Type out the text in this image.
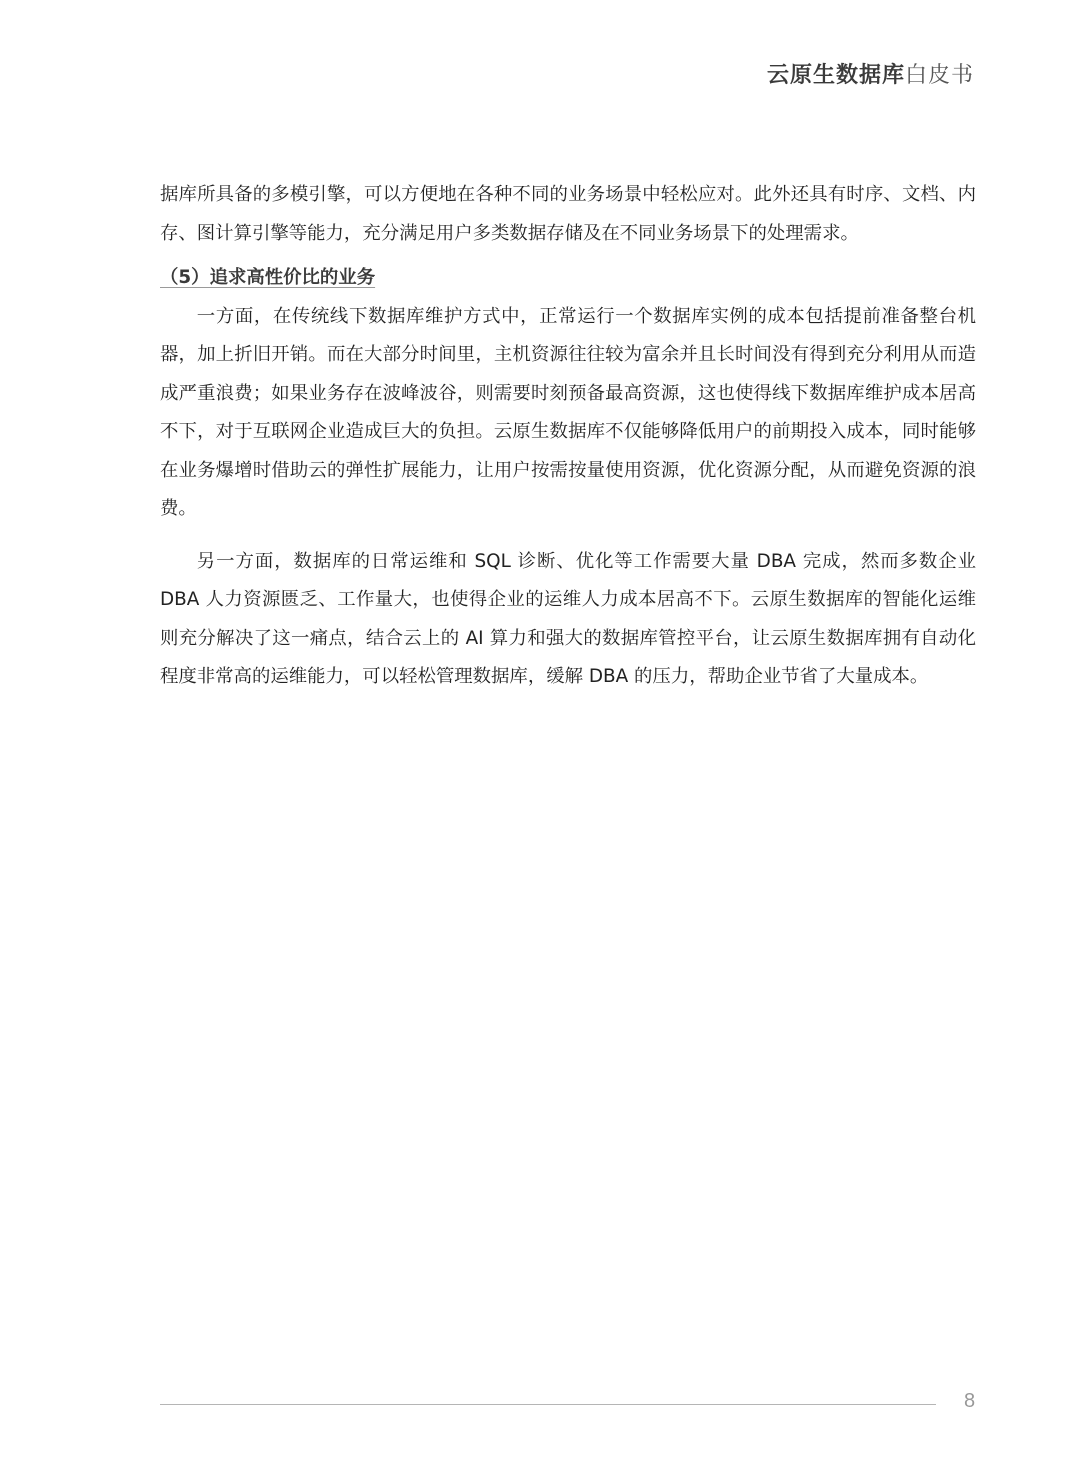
云原生数据库白皮书

据库所具备的多模引擎，可以方便地在各种不同的业务场景中轻松应对。此外还具有时序、文档、内存、图计算引擎等能力，充分满足用户多类数据存储及在不同业务场景下的处理需求。

（5）追求高性价比的业务

一方面，在传统线下数据库维护方式中，正常运行一个数据库实例的成本包括提前准备整台机器，加上折旧开销。而在大部分时间里，主机资源往往较为富余并且长时间没有得到充分利用从而造成严重浪费；如果业务存在波峰波谷，则需要时刻预备最高资源，这也使得线下数据库维护成本居高不下，对于互联网企业造成巨大的负担。云原生数据库不仅能够降低用户的前期投入成本，同时能够在业务爆增时借助云的弹性扩展能力，让用户按需按量使用资源，优化资源分配，从而避免资源的浪费。

另一方面，数据库的日常运维和 SQL 诊断、优化等工作需要大量 DBA 完成，然而多数企业 DBA 人力资源匮乏、工作量大，也使得企业的运维人力成本居高不下。云原生数据库的智能化运维则充分解决了这一痛点，结合云上的 AI 算力和强大的数据库管控平台，让云原生数据库拥有自动化程度非常高的运维能力，可以轻松管理数据库，缓解 DBA 的压力，帮助企业节省了大量成本。

8
